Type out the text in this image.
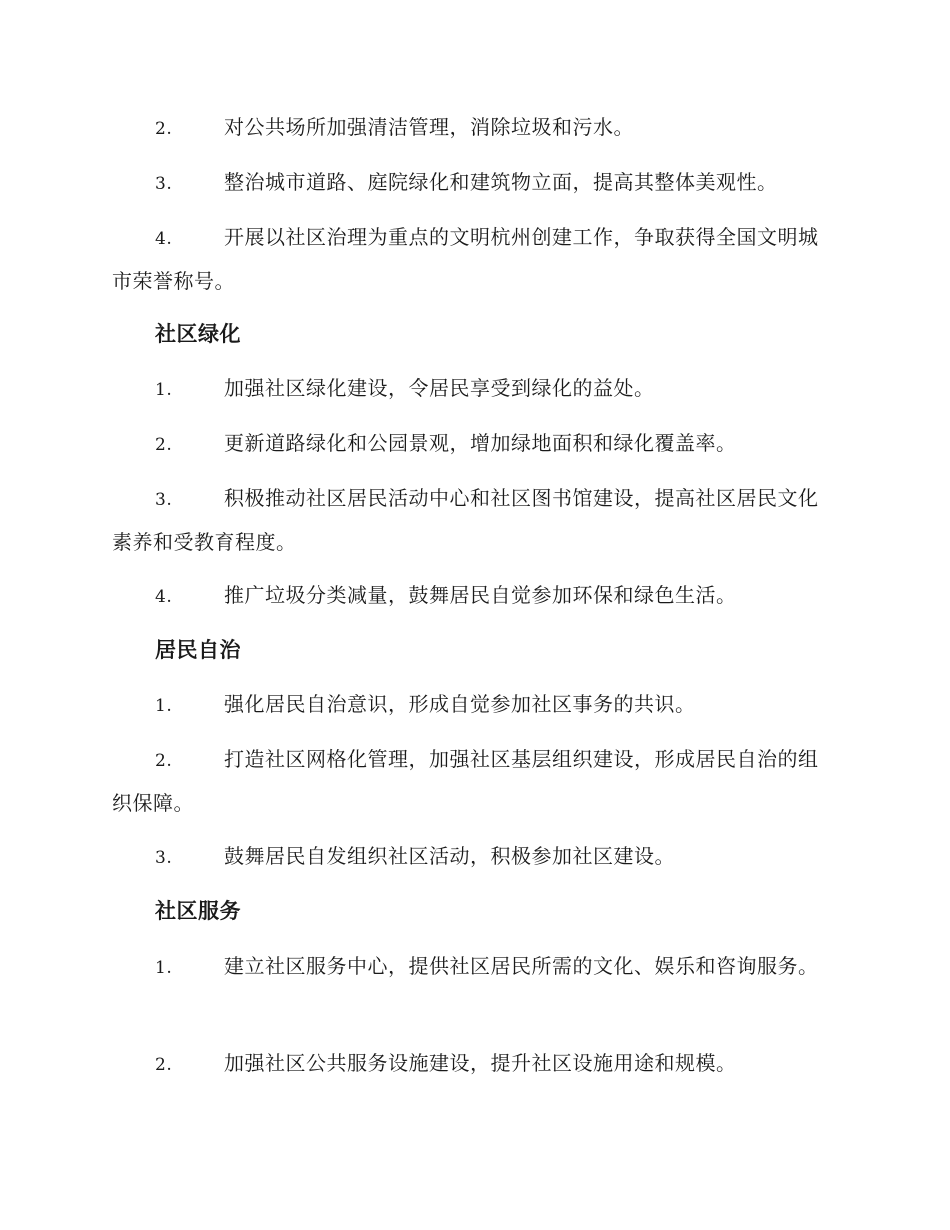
2.	对公共场所加强清洁管理，消除垃圾和污水。

3.	整治城市道路、庭院绿化和建筑物立面，提高其整体美观性。

4.	开展以社区治理为重点的文明杭州创建工作，争取获得全国文明城市荣誉称号。

社区绿化

1.	加强社区绿化建设，令居民享受到绿化的益处。

2.	更新道路绿化和公园景观，增加绿地面积和绿化覆盖率。

3.	积极推动社区居民活动中心和社区图书馆建设，提高社区居民文化素养和受教育程度。

4.	推广垃圾分类减量，鼓舞居民自觉参加环保和绿色生活。

居民自治

1.	强化居民自治意识，形成自觉参加社区事务的共识。

2.	打造社区网格化管理，加强社区基层组织建设，形成居民自治的组织保障。

3.	鼓舞居民自发组织社区活动，积极参加社区建设。

社区服务

1.	建立社区服务中心，提供社区居民所需的文化、娱乐和咨询服务。

2.	加强社区公共服务设施建设，提升社区设施用途和规模。
